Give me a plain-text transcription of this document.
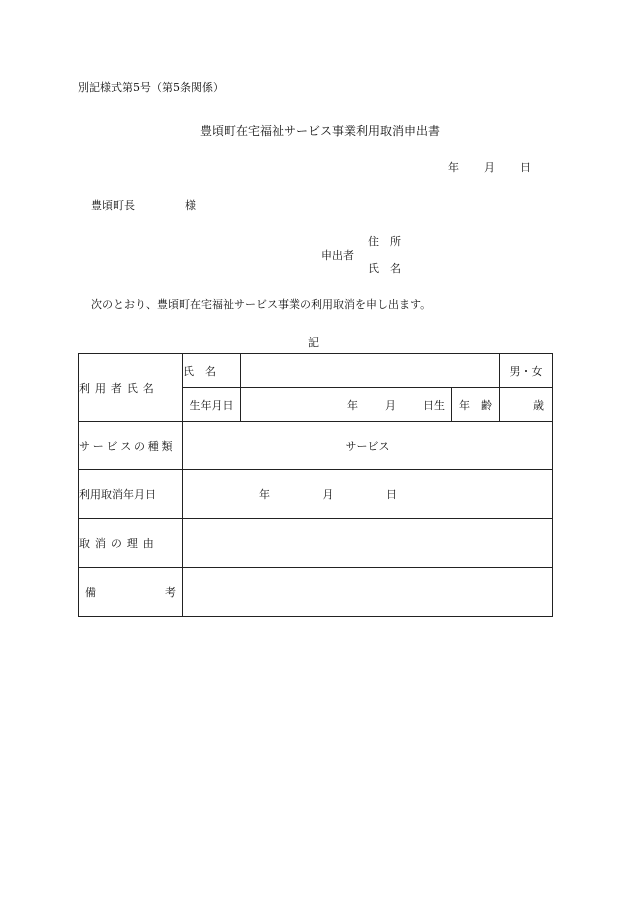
別記様式第5号（第5条関係）
豊頃町在宅福祉サービス事業利用取消申出書
年 月 日
豊頃町長	様
申出者
住　所
氏　名
次のとおり、豊頃町在宅福祉サービス事業の利用取消を申し出ます。
記
利用者氏名	氏　名			男・女
	生年月日	年 月 日生	年　齢	歳
サービスの種類	サービス			
利用取消年月日	年 月 日			
取消の理由				

備 考				
